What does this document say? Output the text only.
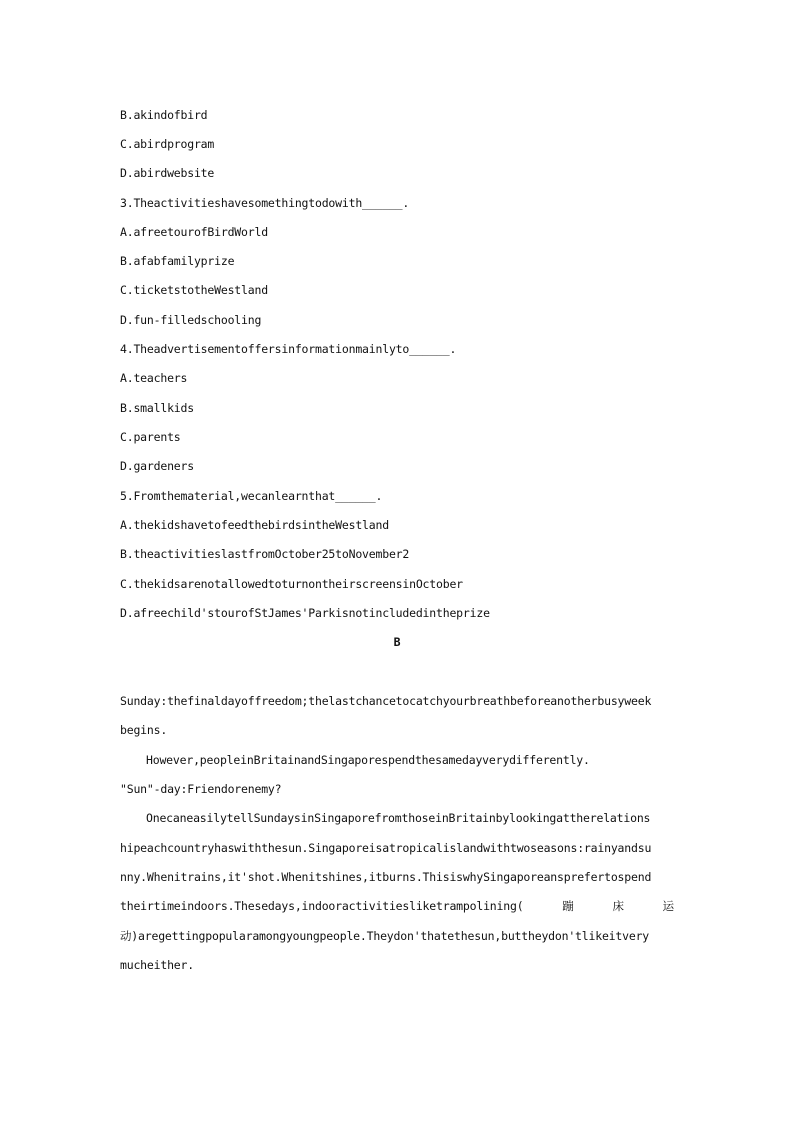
B.akindofbird
C.abirdprogram
D.abirdwebsite
3.Theactivitieshavesomethingtodowith______.
A.afreetourofBirdWorld
B.afabfamilyprize
C.ticketstotheWestland
D.fun-filledschooling
4.Theadvertisementoffersinformationmainlyto______.
A.teachers
B.smallkids
C.parents
D.gardeners
5.Fromthematerial,wecanlearnthat______.
A.thekidshavetofeedthebirdsintheWestland
B.theactivitieslastfromOctober25toNovember2
C.thekidsarenotallowedtoturnontheirscreensinOctober
D.afreechild'stourofStJames'Parkisnotincludedintheprize
B
Sunday:thefinaldayoffreedom;thelastchancetocatchyourbreathbeforeanotherbusyweek
begins.
However,peopleinBritainandSingaporespendthesamedayverydifferently.
"Sun"-day:Friendorenemy?
OnecaneasilytellSundaysinSingaporefromthoseinBritainbylookingattherelations
hipeachcountryhaswiththesun.Singaporeisatropicalislandwithtwoseasons:rainyandsu
nny.Whenitrains,it'shot.Whenitshines,itburns.ThisiswhySingaporeansprefertospend
theirtimeindoors.Thesedays,indooractivitiesliketrampolining(	蹦	床	运
动)aregettingpopularamongyoungpeople.Theydon'thatethesun,buttheydon'tlikeitvery
mucheither.
